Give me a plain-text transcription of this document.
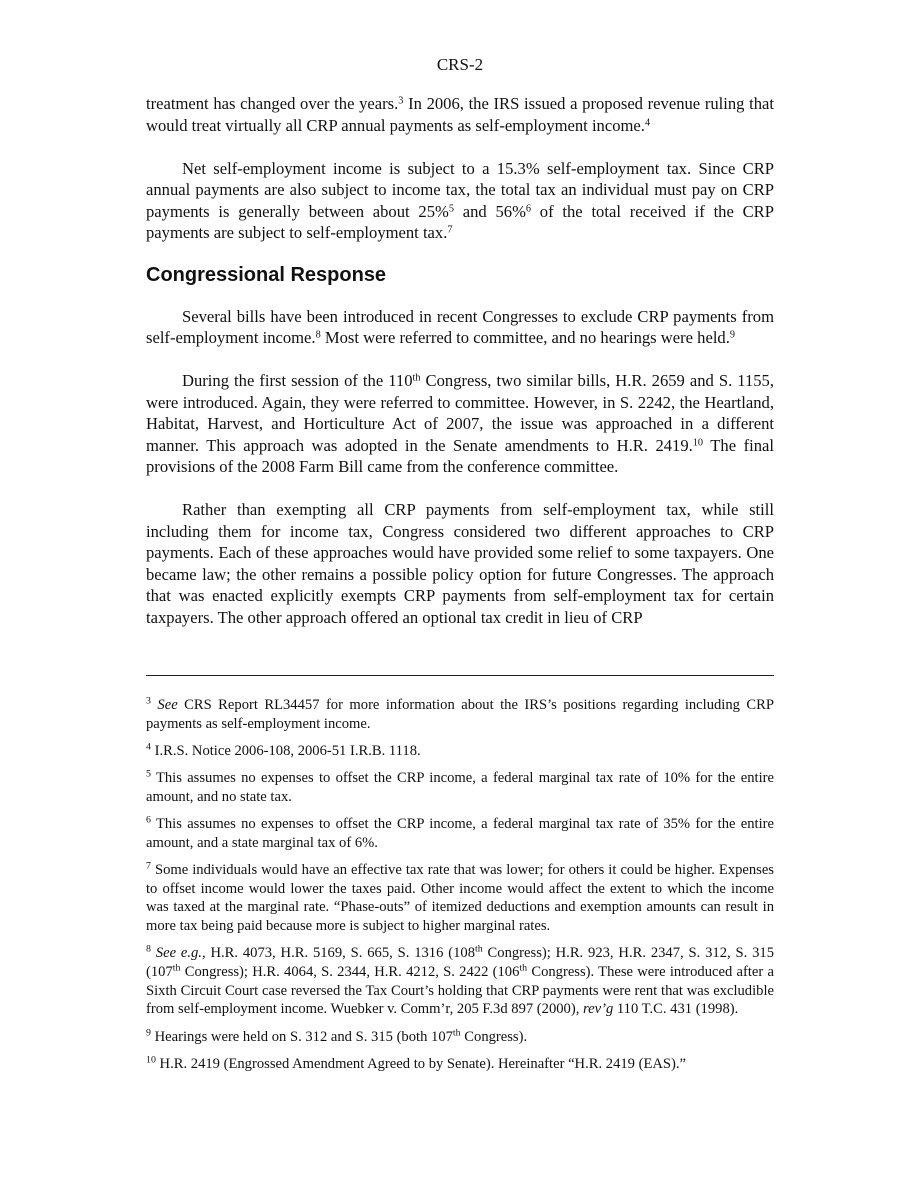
CRS-2

treatment has changed over the years.$^3$ In 2006, the IRS issued a proposed revenue ruling that would treat virtually all CRP annual payments as self-employment income.$^4$

Net self-employment income is subject to a 15.3% self-employment tax. Since CRP annual payments are also subject to income tax, the total tax an individual must pay on CRP payments is generally between about 25%$^5$ and 56%$^6$ of the total received if the CRP payments are subject to self-employment tax.$^7$

Congressional Response

Several bills have been introduced in recent Congresses to exclude CRP payments from self-employment income.$^8$ Most were referred to committee, and no hearings were held.$^9$

During the first session of the 110th Congress, two similar bills, H.R. 2659 and S. 1155, were introduced. Again, they were referred to committee. However, in S. 2242, the Heartland, Habitat, Harvest, and Horticulture Act of 2007, the issue was approached in a different manner. This approach was adopted in the Senate amendments to H.R. 2419.10 The final provisions of the 2008 Farm Bill came from the conference committee.

Rather than exempting all CRP payments from self-employment tax, while still including them for income tax, Congress considered two different approaches to CRP payments. Each of these approaches would have provided some relief to some taxpayers. One became law; the other remains a possible policy option for future Congresses. The approach that was enacted explicitly exempts CRP payments from self-employment tax for certain taxpayers. The other approach offered an optional tax credit in lieu of CRP

$^3$ See CRS Report RL34457 for more information about the IRS’s positions regarding including CRP payments as self-employment income.

$^4$ I.R.S. Notice 2006-108, 2006-51 I.R.B. 1118.

$^5$ This assumes no expenses to offset the CRP income, a federal marginal tax rate of 10% for the entire amount, and no state tax.

$^6$ This assumes no expenses to offset the CRP income, a federal marginal tax rate of 35% for the entire amount, and a state marginal tax of 6%.

$^7$ Some individuals would have an effective tax rate that was lower; for others it could be higher. Expenses to offset income would lower the taxes paid. Other income would affect the extent to which the income was taxed at the marginal rate. “Phase-outs” of itemized deductions and exemption amounts can result in more tax being paid because more is subject to higher marginal rates.

$^8$ See e.g., H.R. 4073, H.R. 5169, S. 665, S. 1316 (108th Congress); H.R. 923, H.R. 2347, S. 312, S. 315 (107th Congress); H.R. 4064, S. 2344, H.R. 4212, S. 2422 (106th Congress). These were introduced after a Sixth Circuit Court case reversed the Tax Court’s holding that CRP payments were rent that was excludible from self-employment income. Wuebker v. Comm’r, 205 F.3d 897 (2000), rev’g 110 T.C. 431 (1998).

$^9$ Hearings were held on S. 312 and S. 315 (both 107th Congress).

$^{10}$ H.R. 2419 (Engrossed Amendment Agreed to by Senate). Hereinafter “H.R. 2419 (EAS).”
